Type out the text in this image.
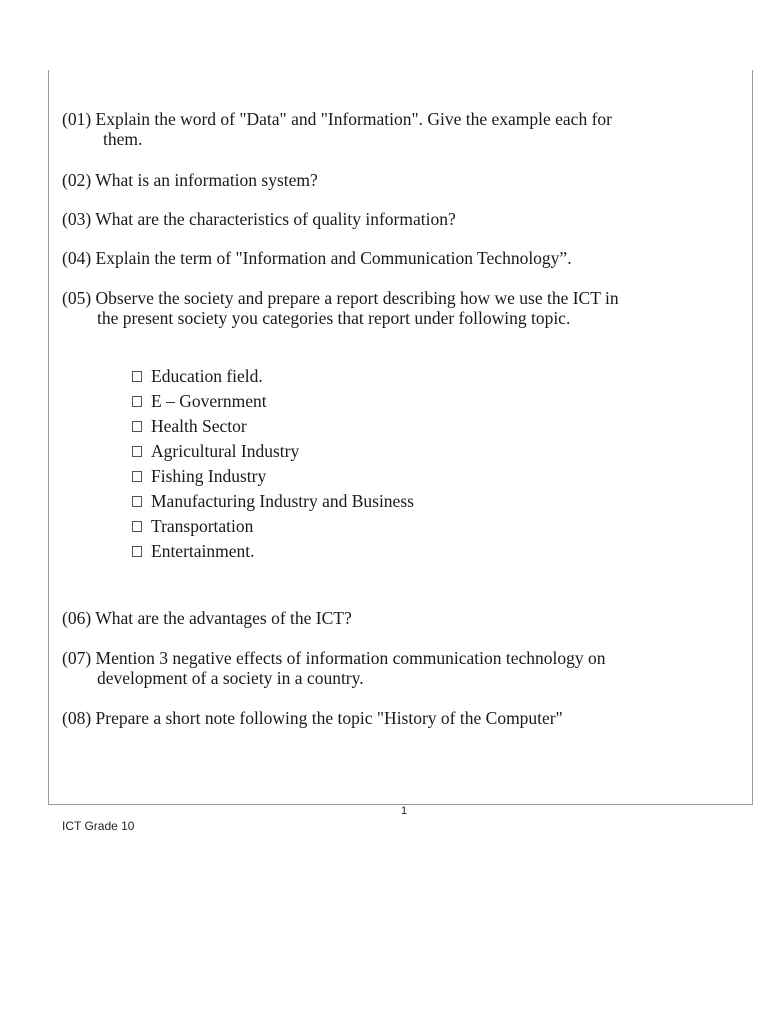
(01) Explain the word of "Data" and "Information". Give the example each for
them.

(02) What is an information system?

(03) What are the characteristics of quality information?

(04) Explain the term of "Information and Communication Technology”.

(05) Observe the society and prepare a report describing how we use the ICT in
the present society you categories that report under following topic.

Education field.
E – Government
Health Sector
Agricultural Industry
Fishing Industry
Manufacturing Industry and Business
Transportation
Entertainment.

(06) What are the advantages of the ICT?

(07) Mention 3 negative effects of information communication technology on
development of a society in a country.

(08) Prepare a short note following the topic "History of the Computer"

1
ICT Grade 10
